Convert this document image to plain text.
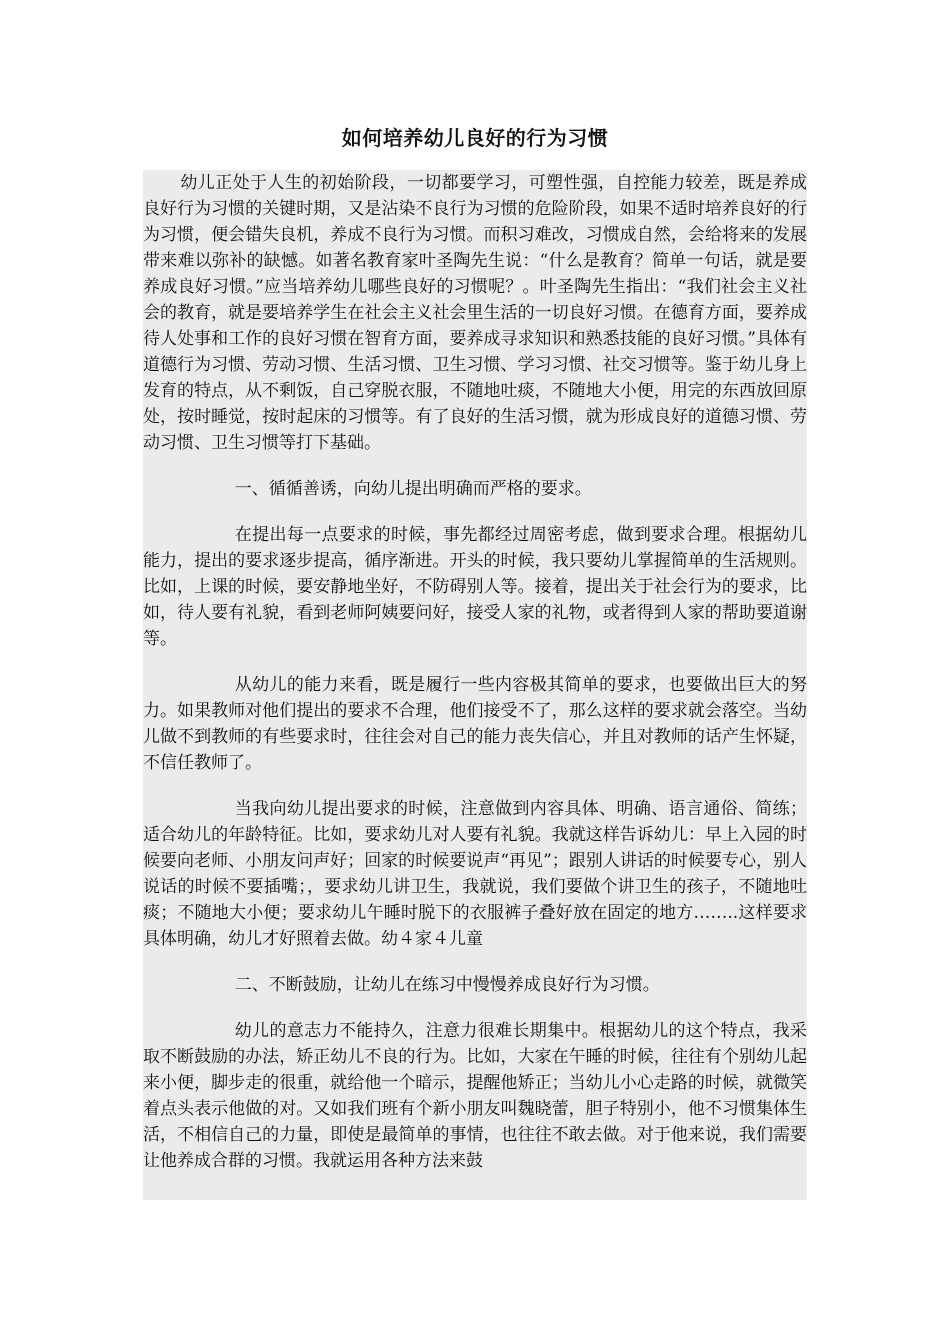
如何培养幼儿良好的行为习惯

幼儿正处于人生的初始阶段，一切都要学习，可塑性强，自控能力较差，既是养成良好行为习惯的关键时期，又是沾染不良行为习惯的危险阶段，如果不适时培养良好的行为习惯，便会错失良机，养成不良行为习惯。而积习难改，习惯成自然，会给将来的发展带来难以弥补的缺憾。如著名教育家叶圣陶先生说：“什么是教育？简单一句话，就是要养成良好习惯。”应当培养幼儿哪些良好的习惯呢？。叶圣陶先生指出：“我们社会主义社会的教育，就是要培养学生在社会主义社会里生活的一切良好习惯。在德育方面，要养成待人处事和工作的良好习惯在智育方面，要养成寻求知识和熟悉技能的良好习惯。”具体有道德行为习惯、劳动习惯、生活习惯、卫生习惯、学习习惯、社交习惯等。鉴于幼儿身上发育的特点，从不剩饭，自己穿脱衣服，不随地吐痰，不随地大小便，用完的东西放回原处，按时睡觉，按时起床的习惯等。有了良好的生活习惯，就为形成良好的道德习惯、劳动习惯、卫生习惯等打下基础。

一、循循善诱，向幼儿提出明确而严格的要求。

在提出每一点要求的时候，事先都经过周密考虑，做到要求合理。根据幼儿能力，提出的要求逐步提高，循序渐进。开头的时候，我只要幼儿掌握简单的生活规则。比如，上课的时候，要安静地坐好，不防碍别人等。接着，提出关于社会行为的要求，比如，待人要有礼貌，看到老师阿姨要问好，接受人家的礼物，或者得到人家的帮助要道谢等。

从幼儿的能力来看，既是履行一些内容极其简单的要求，也要做出巨大的努力。如果教师对他们提出的要求不合理，他们接受不了，那么这样的要求就会落空。当幼儿做不到教师的有些要求时，往往会对自己的能力丧失信心，并且对教师的话产生怀疑，不信任教师了。

当我向幼儿提出要求的时候，注意做到内容具体、明确、语言通俗、简练；适合幼儿的年龄特征。比如，要求幼儿对人要有礼貌。我就这样告诉幼儿：早上入园的时候要向老师、小朋友问声好；回家的时候要说声“再见”；跟别人讲话的时候要专心，别人说话的时候不要插嘴；，要求幼儿讲卫生，我就说，我们要做个讲卫生的孩子，不随地吐痰；不随地大小便；要求幼儿午睡时脱下的衣服裤子叠好放在固定的地方……..这样要求具体明确，幼儿才好照着去做。幼４家４儿童

二、不断鼓励，让幼儿在练习中慢慢养成良好行为习惯。

幼儿的意志力不能持久，注意力很难长期集中。根据幼儿的这个特点，我采取不断鼓励的办法，矫正幼儿不良的行为。比如，大家在午睡的时候，往往有个别幼儿起来小便，脚步走的很重，就给他一个暗示，提醒他矫正；当幼儿小心走路的时候，就微笑着点头表示他做的对。又如我们班有个新小朋友叫魏晓蕾，胆子特别小，他不习惯集体生活，不相信自己的力量，即使是最简单的事情，也往往不敢去做。对于他来说，我们需要让他养成合群的习惯。我就运用各种方法来鼓
